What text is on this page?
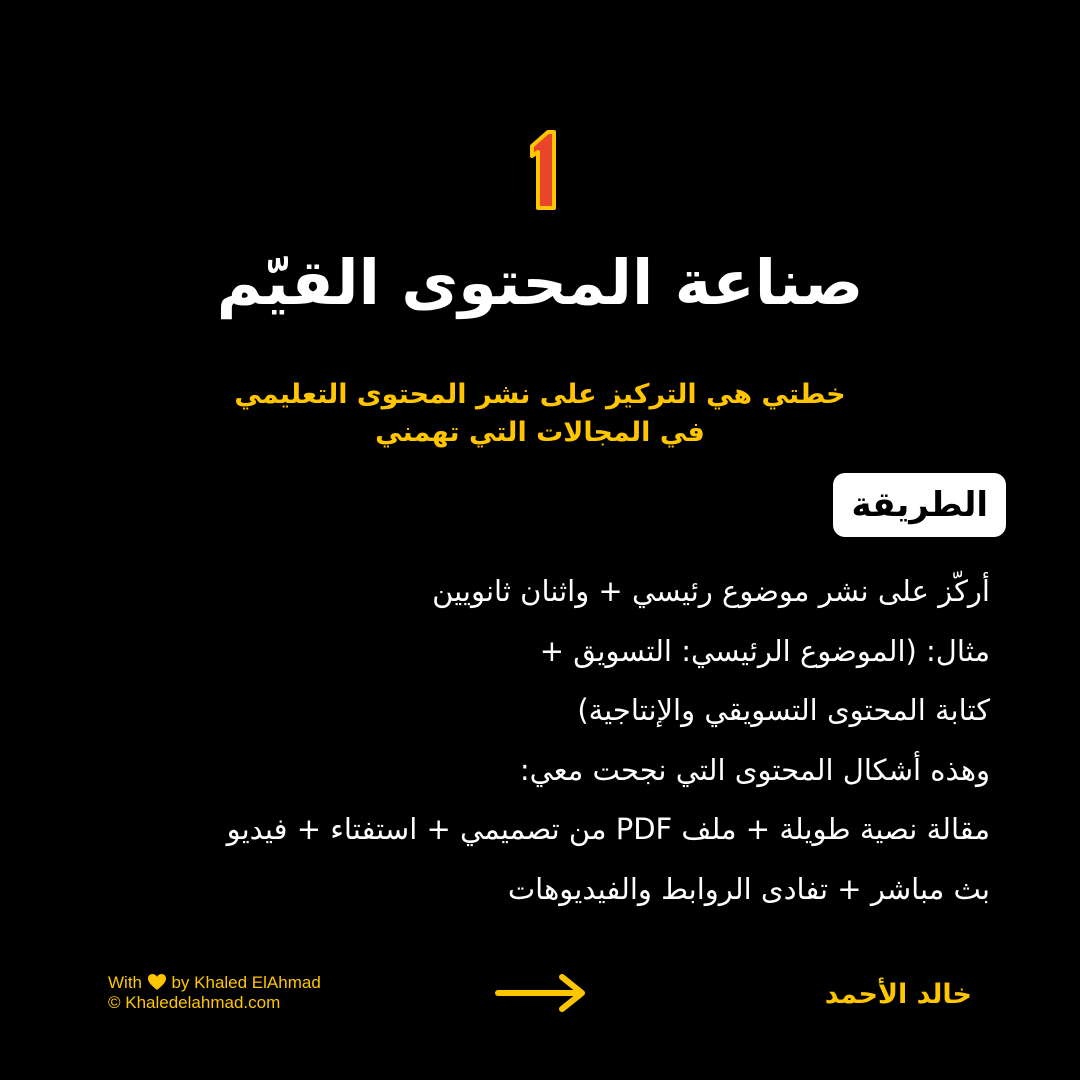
صناعة المحتوى القيّم
خطتي هي التركيز على نشر المحتوى التعليمي
في المجالات التي تهمني
الطريقة
أركّز على نشر موضوع رئيسي + واثنان ثانويين
مثال: (الموضوع الرئيسي: التسويق +
كتابة المحتوى التسويقي والإنتاجية)
وهذه أشكال المحتوى التي نجحت معي:
مقالة نصية طويلة + ملف PDF من تصميمي + استفتاء + فيديو
بث مباشر + تفادى الروابط والفيديوهات
With by Khaled ElAhmad
© Khaledelahmad.com	خالد الأحمد
